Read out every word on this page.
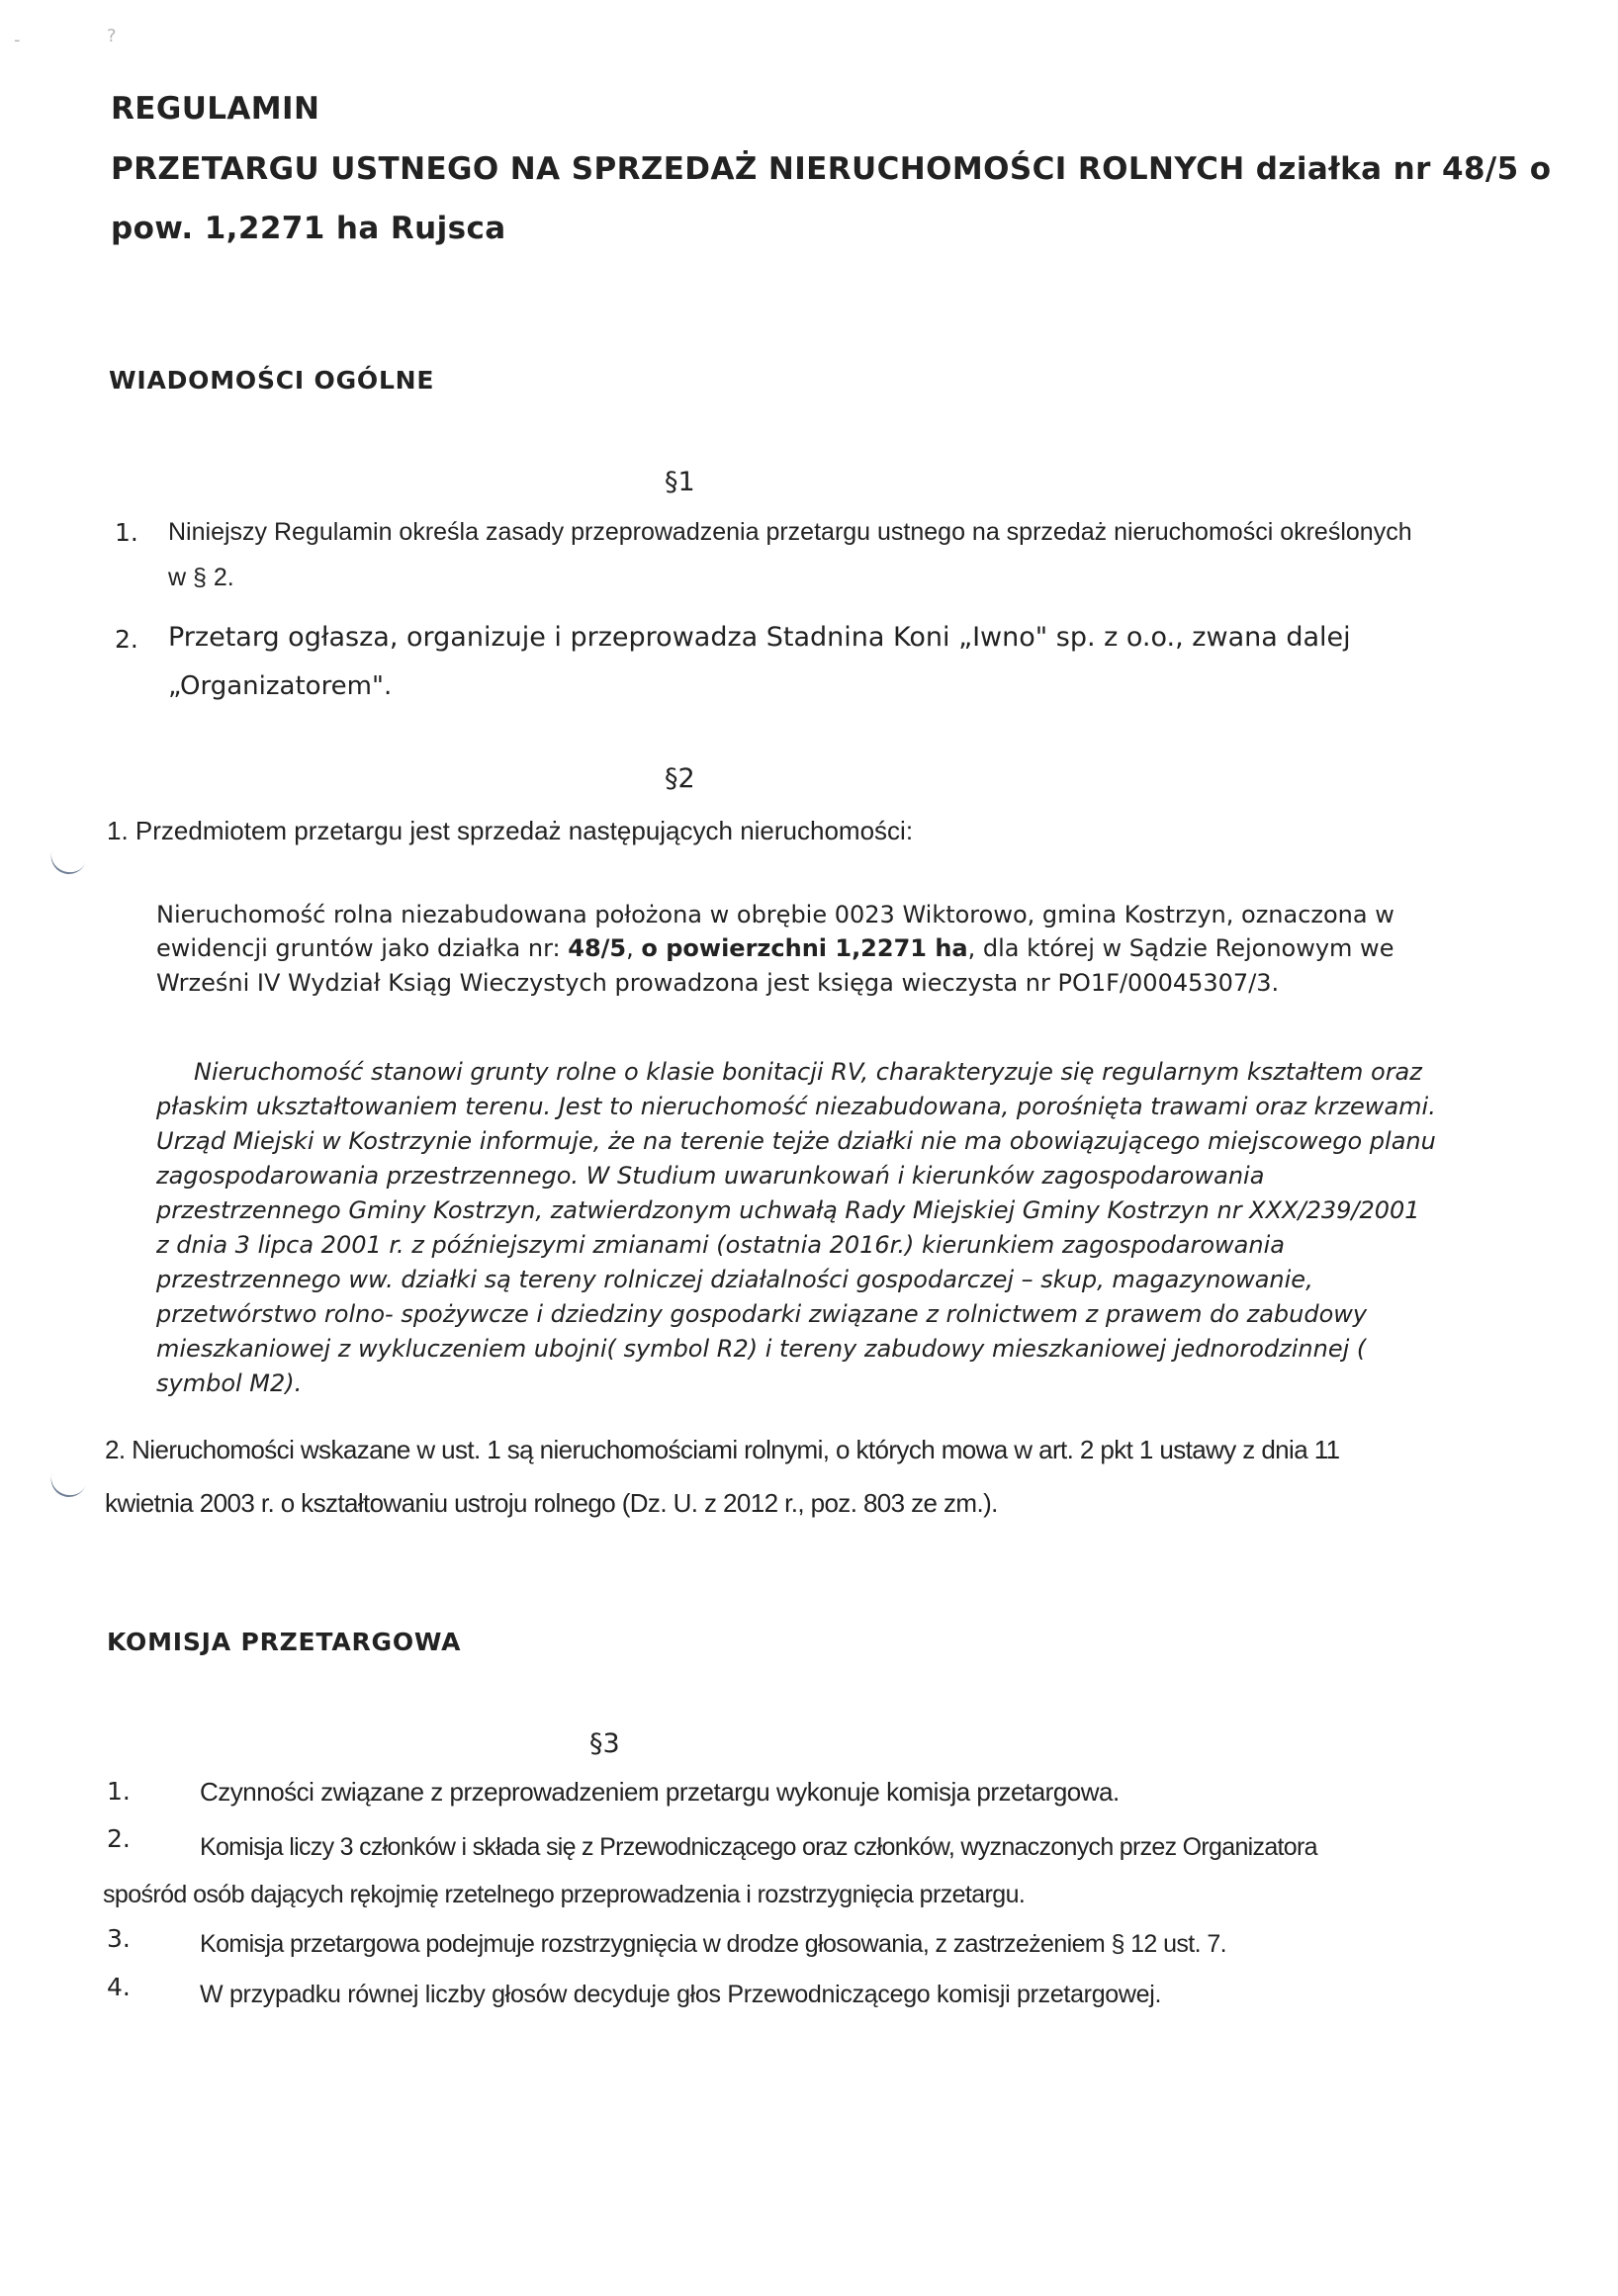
-	?
REGULAMIN
PRZETARGU USTNEGO NA SPRZEDAŻ NIERUCHOMOŚCI ROLNYCH działka nr 48/5 o
pow. 1,2271 ha Rujsca
WIADOMOŚCI OGÓLNE
§1
1. Niniejszy Regulamin określa zasady przeprowadzenia przetargu ustnego na sprzedaż nieruchomości określonych
w § 2.
2. Przetarg ogłasza, organizuje i przeprowadza Stadnina Koni „Iwno" sp. z o.o., zwana dalej
„Organizatorem".
§2
1. Przedmiotem przetargu jest sprzedaż następujących nieruchomości:
Nieruchomość rolna niezabudowana położona w obrębie 0023 Wiktorowo, gmina Kostrzyn, oznaczona w
ewidencji gruntów jako działka nr: 48/5, o powierzchni 1,2271 ha, dla której w Sądzie Rejonowym we
Wrześni IV Wydział Ksiąg Wieczystych prowadzona jest księga wieczysta nr PO1F/00045307/3.
Nieruchomość stanowi grunty rolne o klasie bonitacji RV, charakteryzuje się regularnym kształtem oraz
płaskim ukształtowaniem terenu. Jest to nieruchomość niezabudowana, porośnięta trawami oraz krzewami.
Urząd Miejski w Kostrzynie informuje, że na terenie tejże działki nie ma obowiązującego miejscowego planu
zagospodarowania przestrzennego. W Studium uwarunkowań i kierunków zagospodarowania
przestrzennego Gminy Kostrzyn, zatwierdzonym uchwałą Rady Miejskiej Gminy Kostrzyn nr XXX/239/2001
z dnia 3 lipca 2001 r. z późniejszymi zmianami (ostatnia 2016r.) kierunkiem zagospodarowania
przestrzennego ww. działki są tereny rolniczej działalności gospodarczej – skup, magazynowanie,
przetwórstwo rolno- spożywcze i dziedziny gospodarki związane z rolnictwem z prawem do zabudowy
mieszkaniowej z wykluczeniem ubojni( symbol R2) i tereny zabudowy mieszkaniowej jednorodzinnej (
symbol M2).
2. Nieruchomości wskazane w ust. 1 są nieruchomościami rolnymi, o których mowa w art. 2 pkt 1 ustawy z dnia 11
kwietnia 2003 r. o kształtowaniu ustroju rolnego (Dz. U. z 2012 r., poz. 803 ze zm.).
KOMISJA PRZETARGOWA
§3
1.	Czynności związane z przeprowadzeniem przetargu wykonuje komisja przetargowa.
2.	Komisja liczy 3 członków i składa się z Przewodniczącego oraz członków, wyznaczonych przez Organizatora
spośród osób dających rękojmię rzetelnego przeprowadzenia i rozstrzygnięcia przetargu.
3.	Komisja przetargowa podejmuje rozstrzygnięcia w drodze głosowania, z zastrzeżeniem § 12 ust. 7.
4.	W przypadku równej liczby głosów decyduje głos Przewodniczącego komisji przetargowej.
